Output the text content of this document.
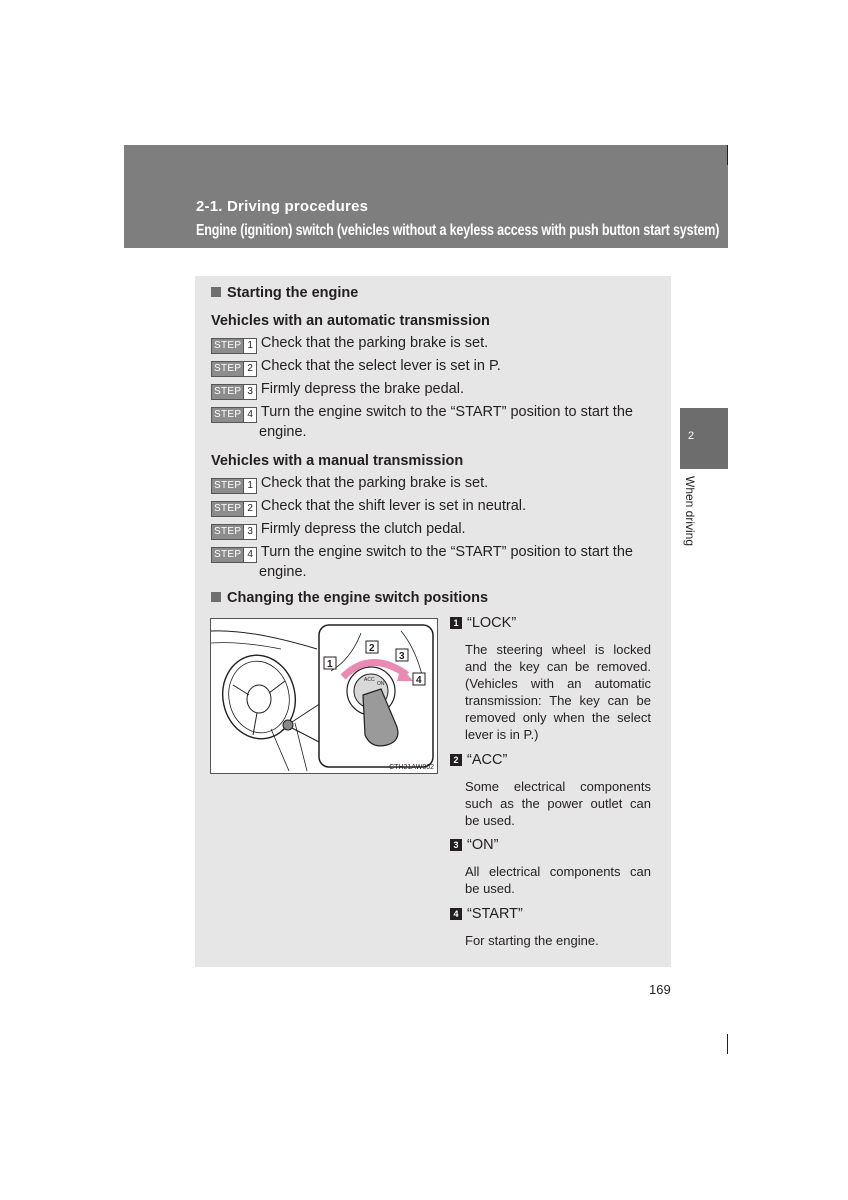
2-1. Driving procedures
Engine (ignition) switch (vehicles without a keyless access with push button start system)
2
When driving
Starting the engine
Vehicles with an automatic transmission
STEP 1 Check that the parking brake is set.
STEP 2 Check that the select lever is set in P.
STEP 3 Firmly depress the brake pedal.
STEP 4 Turn the engine switch to the “START” position to start the
engine.
Vehicles with a manual transmission
STEP 1 Check that the parking brake is set.
STEP 2 Check that the shift lever is set in neutral.
STEP 3 Firmly depress the clutch pedal.
STEP 4 Turn the engine switch to the “START” position to start the
engine.
Changing the engine switch positions
ACC
ON
1
2
3
4
CTH21AW002
1 “LOCK”
The steering wheel is locked
and the key can be removed.
(Vehicles with an automatic
transmission: The key can be
removed only when the select
lever is in P.)
2 “ACC”
Some electrical components
such as the power outlet can
be used.
3 “ON”
All electrical components can
be used.
4 “START”
For starting the engine.
169
